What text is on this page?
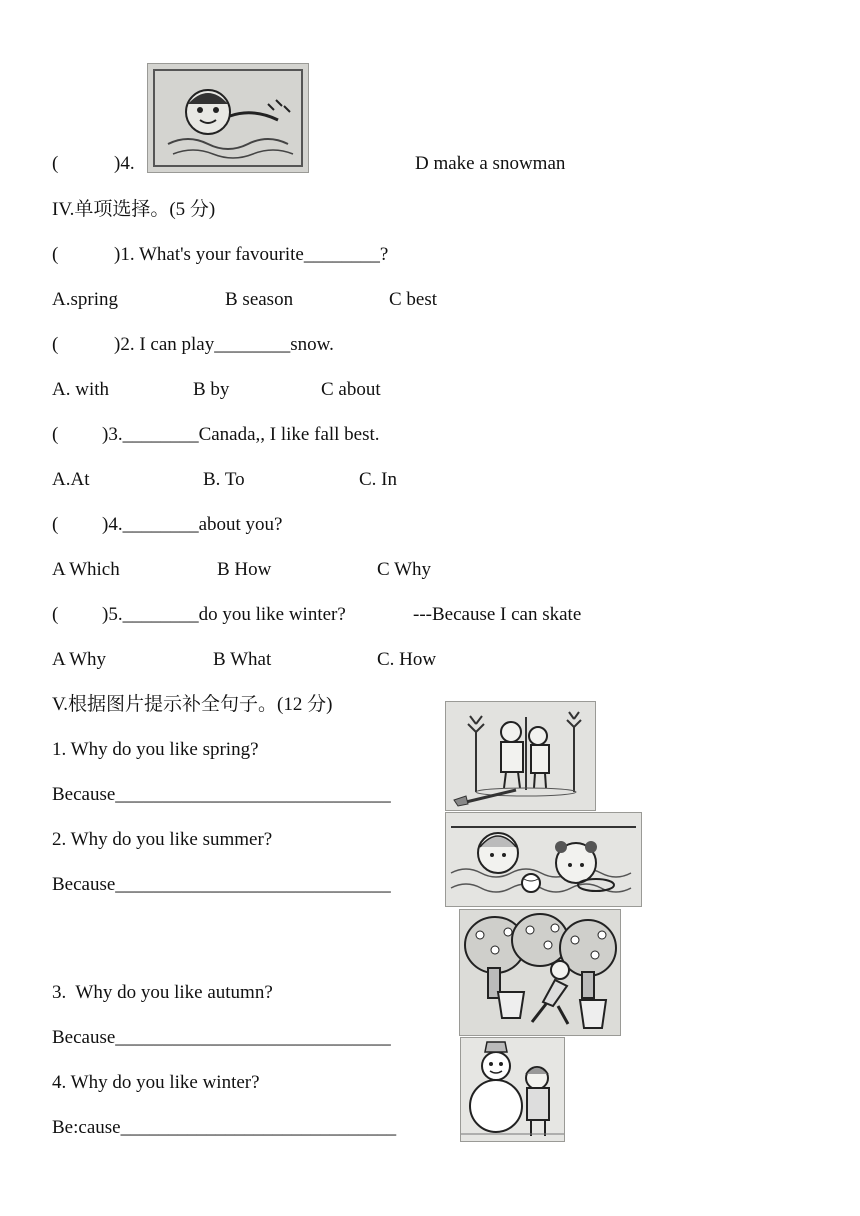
(	)4.	D make a snowman
IV.单项选择。(5 分)
(	)1. What's your favourite________?
A.spring	B season	C best
(	)2. I can play________snow.
A. with	B by	C about
( )3.________Canada,, I like fall best.
A.At	B. To	C. In
( )4.________about you?
A Which	B How	C Why
( )5.________do you like winter?	---Because I can skate
A Why	B What	C. How
V.根据图片提示补全句子。(12 分)
1. Why do you like spring?
Because_____________________________
2. Why do you like summer?
Because_____________________________
3.  Why do you like autumn?
Because_____________________________
4. Why do you like winter?
Be:cause_____________________________
